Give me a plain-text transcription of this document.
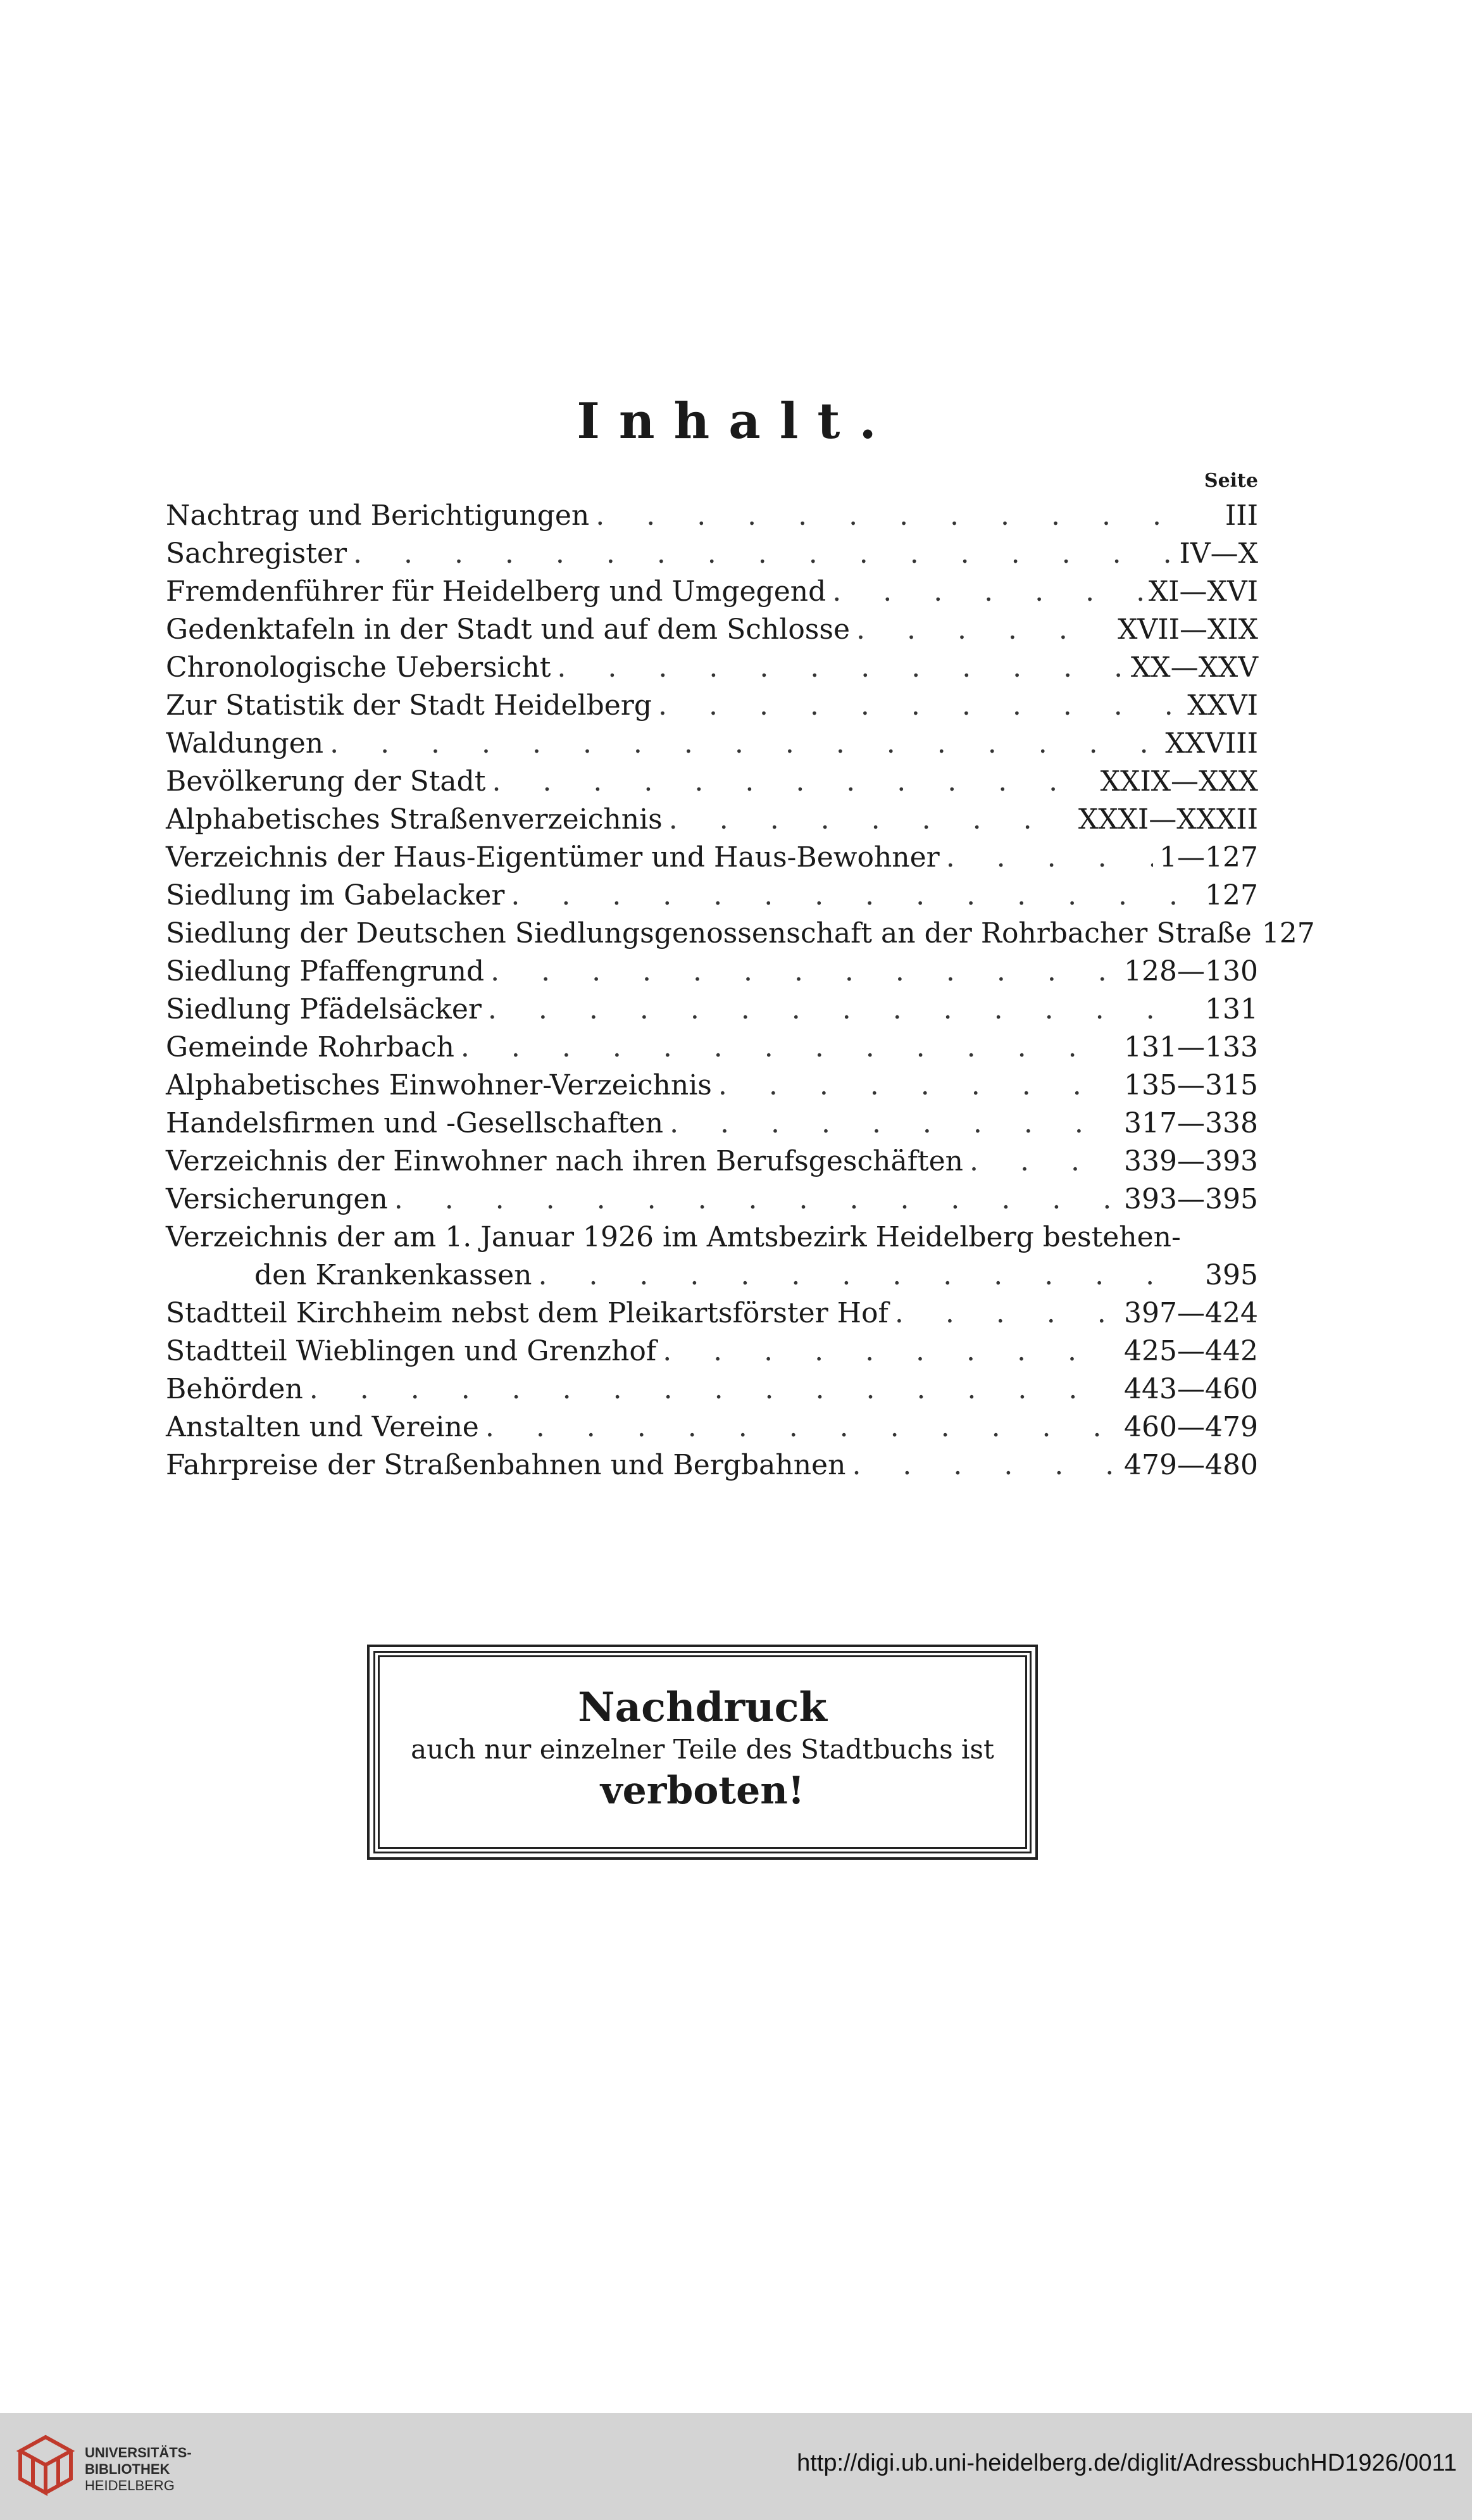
Inhalt.
Seite
Nachtrag und Berichtigungen . . .	III
Sachregister . . .	IV—X
Fremdenführer für Heidelberg und Umgegend . . .	XI—XVI
Gedenktafeln in der Stadt und auf dem Schlosse . . .	XVII—XIX
Chronologische Uebersicht . . .	XX—XXV
Zur Statistik der Stadt Heidelberg . . .	XXVI
Waldungen . . .	XXVIII
Bevölkerung der Stadt . . .	XXIX—XXX
Alphabetisches Straßenverzeichnis . . .	XXXI—XXXII
Verzeichnis der Haus-Eigentümer und Haus-Bewohner . . .	1—127
Siedlung im Gabelacker . . .	127
Siedlung der Deutschen Siedlungsgenossenschaft an der Rohrbacher Straße 127
Siedlung Pfaffengrund . . .	128—130
Siedlung Pfädelsäcker . . .	131
Gemeinde Rohrbach . . .	131—133
Alphabetisches Einwohner-Verzeichnis . . .	135—315
Handelsfirmen und -Gesellschaften . . .	317—338
Verzeichnis der Einwohner nach ihren Berufsgeschäften . . .	339—393
Versicherungen . . .	393—395
Verzeichnis der am 1. Januar 1926 im Amtsbezirk Heidelberg bestehen-
den Krankenkassen . . .	395
Stadtteil Kirchheim nebst dem Pleikartsförster Hof . . .	397—424
Stadtteil Wieblingen und Grenzhof . . .	425—442
Behörden . . .	443—460
Anstalten und Vereine . . .	460—479
Fahrpreise der Straßenbahnen und Bergbahnen . . .	479—480
Nachdruck
auch nur einzelner Teile des Stadtbuchs ist
verboten!
UNIVERSITÄTS-
BIBLIOTHEK
HEIDELBERG
http://digi.ub.uni-heidelberg.de/diglit/AdressbuchHD1926/0011
